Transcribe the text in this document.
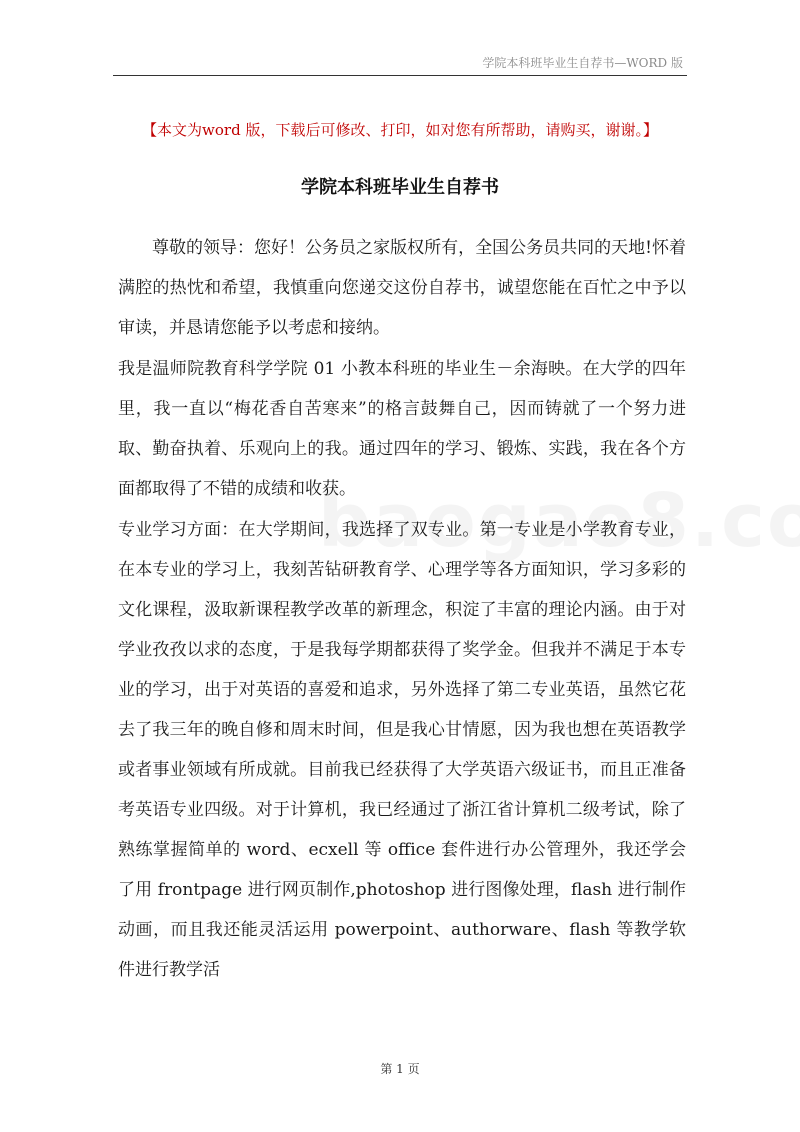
学院本科班毕业生自荐书—WORD 版
【本文为word 版，下载后可修改、打印，如对您有所帮助，请购买，谢谢。】
学院本科班毕业生自荐书

尊敬的领导：您好！公务员之家版权所有，全国公务员共同的天地!怀着满腔的热忱和希望，我慎重向您递交这份自荐书，诚望您能在百忙之中予以审读，并恳请您能予以考虑和接纳。

我是温师院教育科学学院 01 小教本科班的毕业生－余海映。在大学的四年里，我一直以“梅花香自苦寒来”的格言鼓舞自己，因而铸就了一个努力进取、勤奋执着、乐观向上的我。通过四年的学习、锻炼、实践，我在各个方面都取得了不错的成绩和收获。

专业学习方面：在大学期间，我选择了双专业。第一专业是小学教育专业，在本专业的学习上，我刻苦钻研教育学、心理学等各方面知识，学习多彩的文化课程，汲取新课程教学改革的新理念，积淀了丰富的理论内涵。由于对学业孜孜以求的态度，于是我每学期都获得了奖学金。但我并不满足于本专业的学习，出于对英语的喜爱和追求，另外选择了第二专业英语，虽然它花去了我三年的晚自修和周末时间，但是我心甘情愿，因为我也想在英语教学或者事业领域有所成就。目前我已经获得了大学英语六级证书，而且正准备考英语专业四级。对于计算机，我已经通过了浙江省计算机二级考试，除了熟练掌握简单的 word、ecxell 等 office 套件进行办公管理外，我还学会了用 frontpage 进行网页制作,photoshop 进行图像处理，flash 进行制作动画，而且我还能灵活运用 powerpoint、authorware、flash 等教学软件进行教学活

第 1 页
